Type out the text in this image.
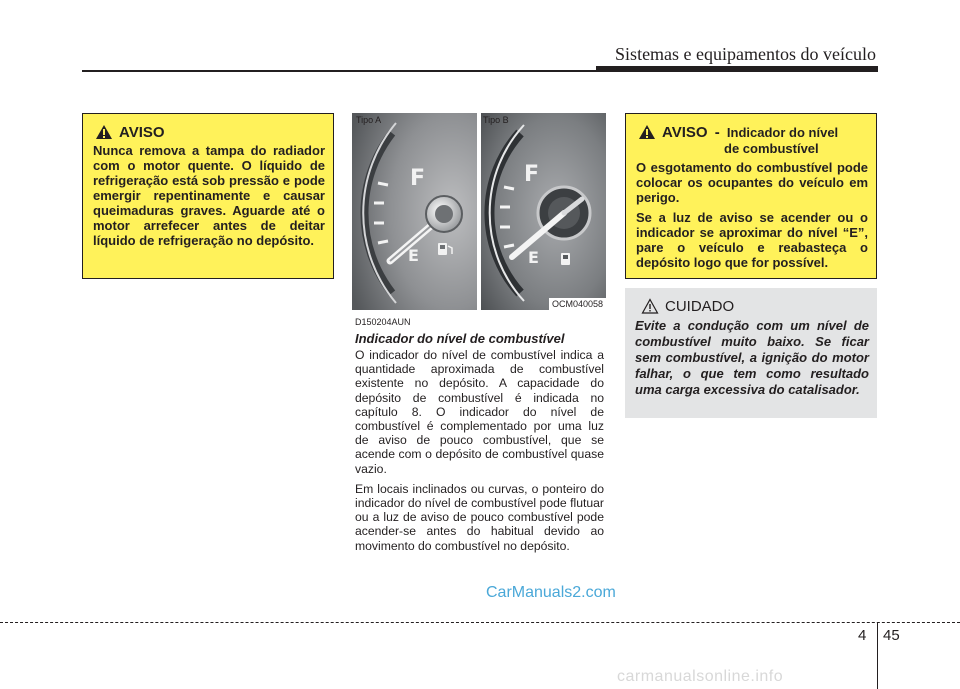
Sistemas e equipamentos do veículo
AVISO
Nunca remova a tampa do radiador com o motor quente. O líquido de refrigeração está sob pressão e pode emergir repentinamente e causar queimaduras graves. Aguarde até o motor arrefecer antes de deitar líquido de refrigeração no depósito.
F
E
F
E
Tipo A	Tipo B
OCM040058
D150204AUN
Indicador do nível de combustível

O indicador do nível de combustível indica a quantidade aproximada de combustível existente no depósito. A capacidade do depósito de combustível é indicada no capítulo 8. O indicador do nível de combustível é complementado por uma luz de aviso de pouco combustível, que se acende com o depósito de combustível quase vazio.

Em locais inclinados ou curvas, o ponteiro do indicador do nível de combustível pode flutuar ou a luz de aviso de pouco combustível pode acender-se antes do habitual devido ao movimento do combustível no depósito.

AVISO - Indicador do nível
de combustível

O esgotamento do combustível pode colocar os ocupantes do veículo em perigo.

Se a luz de aviso se acender ou o indicador se aproximar do nível “E”, pare o veículo e reabasteça o depósito logo que for possível.

CUIDADO
Evite a condução com um nível de combustível muito baixo. Se ficar sem combustível, a ignição do motor falhar, o que tem como resultado uma carga excessiva do catalisador.
CarManuals2.com
4 45
carmanualsonline.info
